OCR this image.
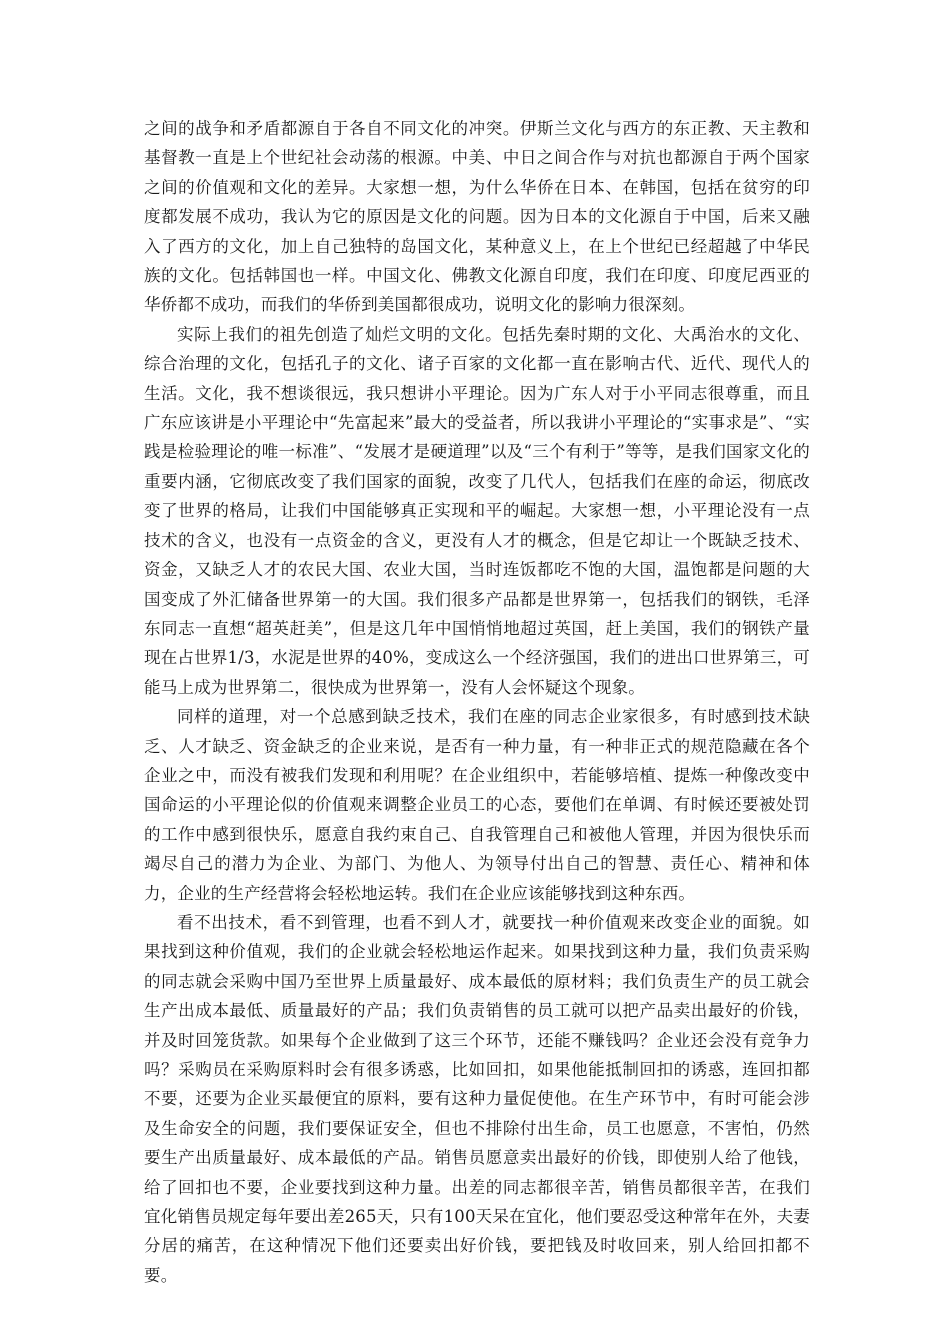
之间的战争和矛盾都源自于各自不同文化的冲突。伊斯兰文化与西方的东正教、天主教和基督教一直是上个世纪社会动荡的根源。中美、中日之间合作与对抗也都源自于两个国家之间的价值观和文化的差异。大家想一想，为什么华侨在日本、在韩国，包括在贫穷的印度都发展不成功，我认为它的原因是文化的问题。因为日本的文化源自于中国，后来又融入了西方的文化，加上自己独特的岛国文化，某种意义上，在上个世纪已经超越了中华民族的文化。包括韩国也一样。中国文化、佛教文化源自印度，我们在印度、印度尼西亚的华侨都不成功，而我们的华侨到美国都很成功，说明文化的影响力很深刻。

实际上我们的祖先创造了灿烂文明的文化。包括先秦时期的文化、大禹治水的文化、综合治理的文化，包括孔子的文化、诸子百家的文化都一直在影响古代、近代、现代人的生活。文化，我不想谈很远，我只想讲小平理论。因为广东人对于小平同志很尊重，而且广东应该讲是小平理论中“先富起来”最大的受益者，所以我讲小平理论的“实事求是”、“实践是检验理论的唯一标准”、“发展才是硬道理”以及“三个有利于”等等，是我们国家文化的重要内涵，它彻底改变了我们国家的面貌，改变了几代人，包括我们在座的命运，彻底改变了世界的格局，让我们中国能够真正实现和平的崛起。大家想一想，小平理论没有一点技术的含义，也没有一点资金的含义，更没有人才的概念，但是它却让一个既缺乏技术、资金，又缺乏人才的农民大国、农业大国，当时连饭都吃不饱的大国，温饱都是问题的大国变成了外汇储备世界第一的大国。我们很多产品都是世界第一，包括我们的钢铁，毛泽东同志一直想“超英赶美”，但是这几年中国悄悄地超过英国，赶上美国，我们的钢铁产量现在占世界1/3，水泥是世界的40%，变成这么一个经济强国，我们的进出口世界第三，可能马上成为世界第二，很快成为世界第一，没有人会怀疑这个现象。

同样的道理，对一个总感到缺乏技术，我们在座的同志企业家很多，有时感到技术缺乏、人才缺乏、资金缺乏的企业来说，是否有一种力量，有一种非正式的规范隐藏在各个企业之中，而没有被我们发现和利用呢？在企业组织中，若能够培植、提炼一种像改变中国命运的小平理论似的价值观来调整企业员工的心态，要他们在单调、有时候还要被处罚的工作中感到很快乐，愿意自我约束自己、自我管理自己和被他人管理，并因为很快乐而竭尽自己的潜力为企业、为部门、为他人、为领导付出自己的智慧、责任心、精神和体力，企业的生产经营将会轻松地运转。我们在企业应该能够找到这种东西。

看不出技术，看不到管理，也看不到人才，就要找一种价值观来改变企业的面貌。如果找到这种价值观，我们的企业就会轻松地运作起来。如果找到这种力量，我们负责采购的同志就会采购中国乃至世界上质量最好、成本最低的原材料；我们负责生产的员工就会生产出成本最低、质量最好的产品；我们负责销售的员工就可以把产品卖出最好的价钱，并及时回笼货款。如果每个企业做到了这三个环节，还能不赚钱吗？企业还会没有竞争力吗？采购员在采购原料时会有很多诱惑，比如回扣，如果他能抵制回扣的诱惑，连回扣都不要，还要为企业买最便宜的原料，要有这种力量促使他。在生产环节中，有时可能会涉及生命安全的问题，我们要保证安全，但也不排除付出生命，员工也愿意，不害怕，仍然要生产出质量最好、成本最低的产品。销售员愿意卖出最好的价钱，即使别人给了他钱，给了回扣也不要，企业要找到这种力量。出差的同志都很辛苦，销售员都很辛苦，在我们宜化销售员规定每年要出差265天，只有100天呆在宜化，他们要忍受这种常年在外，夫妻分居的痛苦，在这种情况下他们还要卖出好价钱，要把钱及时收回来，别人给回扣都不要。
